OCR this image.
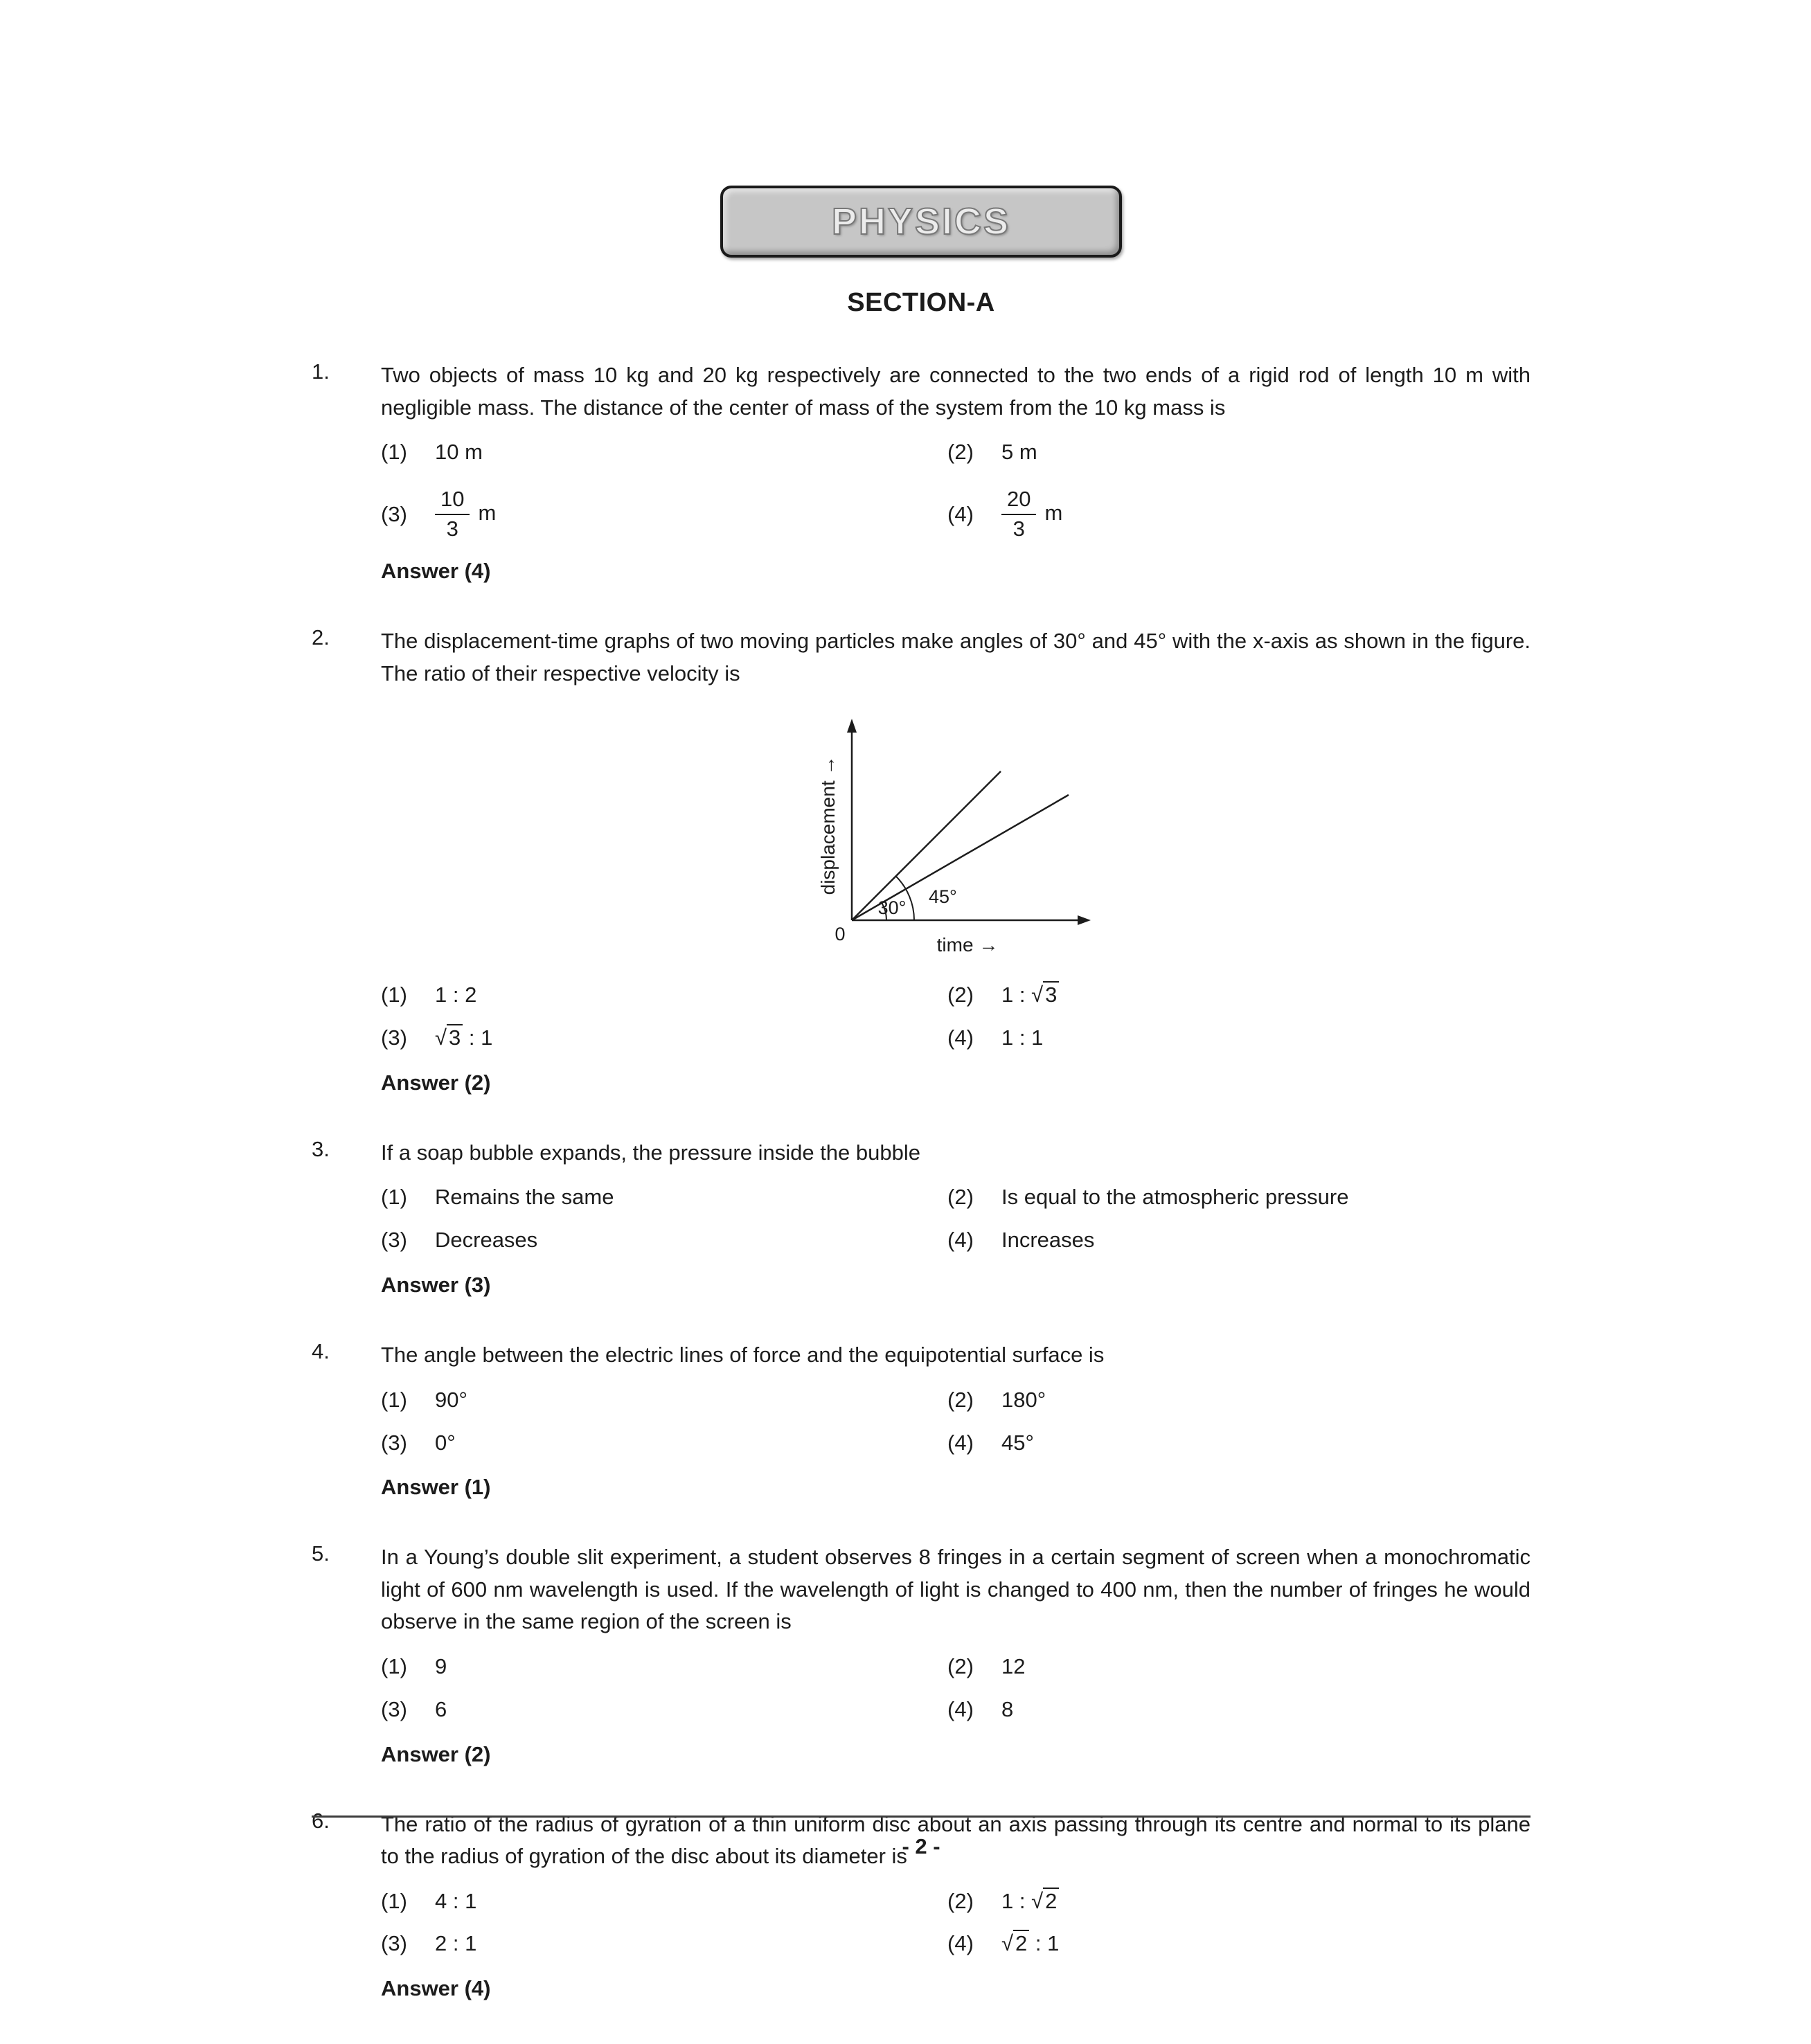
PHYSICS
SECTION-A
1.	Two objects of mass 10 kg and 20 kg respectively are connected to the two ends of a rigid rod of length 10 m with negligible mass. The distance of the center of mass of the system from the 10 kg mass is

(1)	10 m	(2)	5 m
(3)	$\frac{10}{3}$ m	(4)	$\frac{20}{3}$ m

Answer (4)

2.	The displacement-time graphs of two moving particles make angles of 30° and 45° with the x-axis as shown in the figure. The ratio of their respective velocity is

30°
45°
0	time →
displacement →
(1)	1 : 2	(2)	1 : √3
(3)	√3 : 1	(4)	1 : 1

Answer (2)

3.	If a soap bubble expands, the pressure inside the bubble

(1)	Remains the same	(2)	Is equal to the atmospheric pressure
(3)	Decreases	(4)	Increases

Answer (3)

4.	The angle between the electric lines of force and the equipotential surface is

(1)	90°	(2)	180°
(3)	0°	(4)	45°

Answer (1)

5.	In a Young’s double slit experiment, a student observes 8 fringes in a certain segment of screen when a monochromatic light of 600 nm wavelength is used. If the wavelength of light is changed to 400 nm, then the number of fringes he would observe in the same region of the screen is

(1)	9	(2)	12
(3)	6	(4)	8

Answer (2)

6.	The ratio of the radius of gyration of a thin uniform disc about an axis passing through its centre and normal to its plane to the radius of gyration of the disc about its diameter is

(1)	4 : 1	(2)	1 : √2
(3)	2 : 1	(4)	√2 : 1

Answer (4)

- 2 -
